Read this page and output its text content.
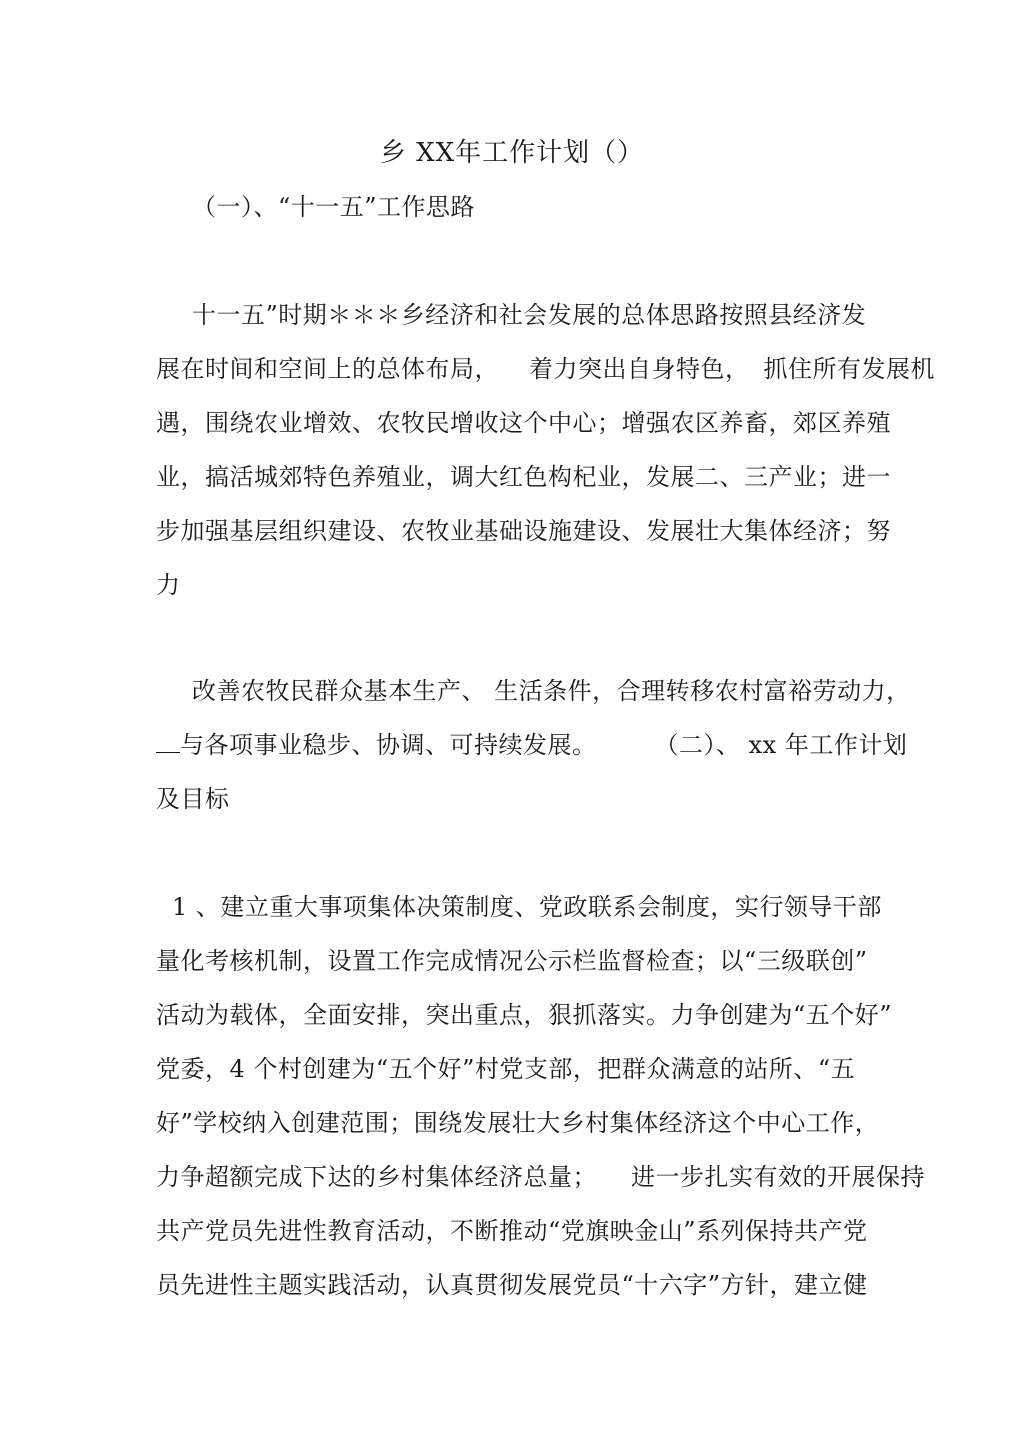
乡 XX年工作计划（）
（一）、“十一五”工作思路
十一五”时期＊＊＊乡经济和社会发展的总体思路按照县经济发
展在时间和空间上的总体布局， 着力突出自身特色， 抓住所有发展机
遇，围绕农业增效、农牧民增收这个中心；增强农区养畜，郊区养殖
业，搞活城郊特色养殖业，调大红色构杞业，发展二、三产业；进一
步加强基层组织建设、农牧业基础设施建设、发展壮大集体经济；努
力
改善农牧民群众基本生产、 生活条件，合理转移农村富裕劳动力，
与各项事业稳步、协调、可持续发展。 （二）、 xx 年工作计划
及目标
1 、建立重大事项集体决策制度、党政联系会制度，实行领导干部
量化考核机制，设置工作完成情况公示栏监督检查；以“三级联创”
活动为载体，全面安排，突出重点，狠抓落实。力争创建为“五个好”
党委，4 个村创建为“五个好”村党支部，把群众满意的站所、“五
好”学校纳入创建范围；围绕发展壮大乡村集体经济这个中心工作，
力争超额完成下达的乡村集体经济总量； 进一步扎实有效的开展保持
共产党员先进性教育活动，不断推动“党旗映金山”系列保持共产党
员先进性主题实践活动，认真贯彻发展党员“十六字”方针，建立健
